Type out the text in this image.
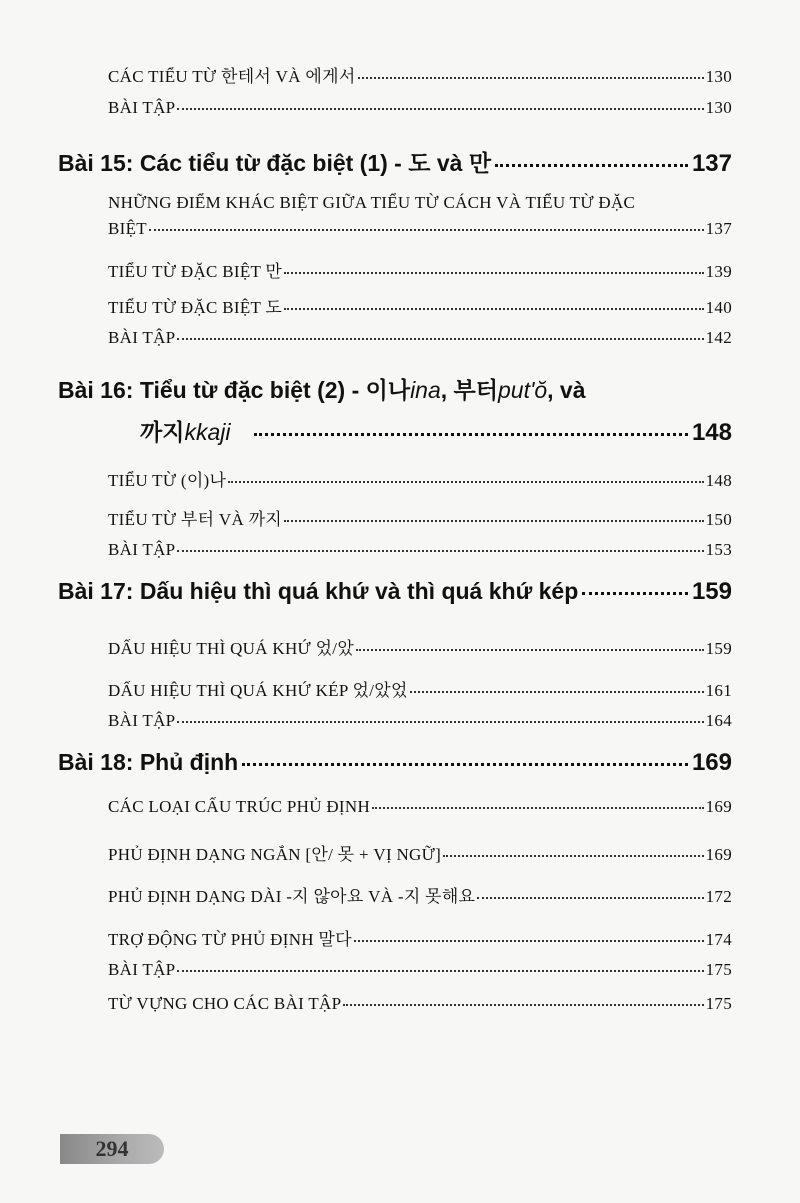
CÁC TIỂU TỪ 한테서 VÀ 에게서	130
BÀI TẬP	130
Bài 15: Các tiểu từ đặc biệt (1) - 도 và 만	137
NHỮNG ĐIỂM KHÁC BIỆT GIỮA TIỂU TỪ CÁCH VÀ TIỂU TỪ ĐẶC
BIỆT	137
TIỂU TỪ ĐẶC BIỆT 만	139
TIỂU TỪ ĐẶC BIỆT 도	140
BÀI TẬP	142
Bài 16: Tiểu từ đặc biệt (2) - 이나 ina , 부터 put'ŏ , và
까지 kkaji	148
TIỂU TỪ (이)나	148
TIỂU TỪ 부터 VÀ 까지	150
BÀI TẬP	153
Bài 17: Dấu hiệu thì quá khứ và thì quá khứ kép	159
DẤU HIỆU THÌ QUÁ KHỨ 었/았	159
DẤU HIỆU THÌ QUÁ KHỨ KÉP 었/았었	161
BÀI TẬP	164
Bài 18: Phủ định	169
CÁC LOẠI CẤU TRÚC PHỦ ĐỊNH	169
PHỦ ĐỊNH DẠNG NGẮN [안/ 못 + VỊ NGỮ]	169
PHỦ ĐỊNH DẠNG DÀI -지 않아요 VÀ -지 못해요	172
TRỢ ĐỘNG TỪ PHỦ ĐỊNH 말다	174
BÀI TẬP	175
TỪ VỰNG CHO CÁC BÀI TẬP	175
294
